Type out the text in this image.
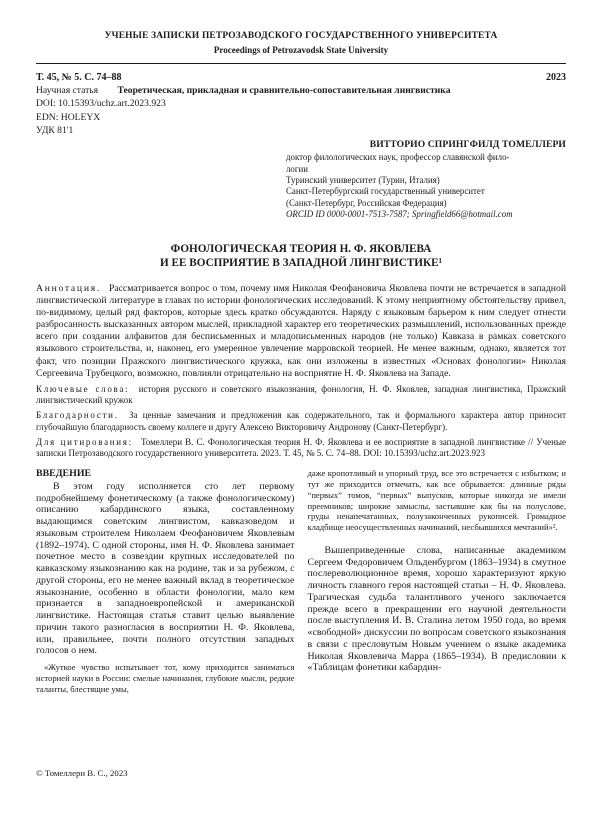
УЧЕНЫЕ ЗАПИСКИ ПЕТРОЗАВОДСКОГО ГОСУДАРСТВЕННОГО УНИВЕРСИТЕТА
Proceedings of Petrozavodsk State University
Т. 45, № 5. С. 74–88	2023
Научная статья Теоретическая, прикладная и сравнительно-сопоставительная лингвистика
DOI: 10.15393/uchz.art.2023.923
EDN: HOLEYX
УДК 81'1
ВИТТОРИО СПРИНГФИЛД ТОМЕЛЛЕРИ
доктор филологических наук, профессор славянской фило-
логии
Туринский университет (Турин, Италия)
Санкт-Петербургский государственный университет
(Санкт-Петербург, Российская Федерация)
ORCID ID 0000-0001-7513-7587; Springfield66@hotmail.com
ФОНОЛОГИЧЕСКАЯ ТЕОРИЯ Н. Ф. ЯКОВЛЕВА
И ЕЕ ВОСПРИЯТИЕ В ЗАПАДНОЙ ЛИНГВИСТИКЕ¹

Аннотация. Рассматривается вопрос о том, почему имя Николая Феофановича Яковлева почти не встречается в западной лингвистической литературе в главах по истории фонологических исследований. К этому неприятному обстоятельству привел, по-видимому, целый ряд факторов, которые здесь кратко обсуждаются. Наряду с языковым барьером к ним следует отнести разбросанность высказанных автором мыслей, прикладной характер его теоретических размышлений, использованных прежде всего при создании алфавитов для бесписьменных и младописьменных народов (не только) Кавказа в рамках советского языкового строительства, и, наконец, его умеренное увлечение марровской теорией. Не менее важным, однако, является тот факт, что позиции Пражского лингвистического кружка, как они изложены в известных «Основах фонологии» Николая Сергеевича Трубецкого, возможно, повлияли отрицательно на восприятие Н. Ф. Яковлева на Западе.

Ключевые слова: история русского и советского языкознания, фонология, Н. Ф. Яковлев, западная лингвистика, Пражский лингвистический кружок

Благодарности. За ценные замечания и предложения как содержательного, так и формального характера автор приносит глубочайшую благодарность своему коллеге и другу Алексею Викторовичу Андронову (Санкт-Петербург).

Для цитирования: Томеллери В. С. Фонологическая теория Н. Ф. Яковлева и ее восприятие в западной лингвистике // Ученые записки Петрозаводского государственного университета. 2023. Т. 45, № 5. С. 74–88. DOI: 10.15393/uchz.art.2023.923

ВВЕДЕНИЕ

В этом году исполняется сто лет первому подробнейшему фонетическому (а также фонологическому) описанию кабардинского языка, составленному выдающимся советским лингвистом, кавказоведом и языковым строителем Николаем Феофановичем Яковлевым (1892–1974). С одной стороны, имя Н. Ф. Яковлева занимает почетное место в созвездии крупных исследователей по кавказскому языкознанию как на родине, так и за рубежом, с другой стороны, его не менее важный вклад в теоретическое языкознание, особенно в области фонологии, мало кем признается в западноевропейской и американской лингвистике. Настоящая статья ставит целью выявление причин такого разногласия в восприятии Н. Ф. Яковлева, или, правильнее, почти полного отсутствия западных голосов о нем.

«Жуткое чувство испытывает тот, кому приходится заниматься историей науки в России: смелые начинания, глубокие мысли, редкие таланты, блестящие умы,

даже кропотливый и упорный труд, все это встречается с избытком; и тут же приходится отмечать, как все обрывается: длинные ряды “первых” томов, “первых” выпусков, которые никогда не имели преемников; широкие замыслы, застывшие как бы на полуслове, груды ненапечатанных, полузаконченных рукописей. Громадное кладбище неосуществленных начинаний, несбывшихся мечтаний»².

Вышеприведенные слова, написанные академиком Сергеем Федоровичем Ольденбургом (1863–1934) в смутное послереволюционное время, хорошо характеризуют яркую личность главного героя настоящей статьи – Н. Ф. Яковлева. Трагическая судьба талантливого ученого заключается прежде всего в прекращении его научной деятельности после выступления И. В. Сталина летом 1950 года, во время «свободной» дискуссии по вопросам советского языкознания в связи с пресловутым Новым учением о языке академика Николая Яковлевича Марра (1865–1934). В предисловии к «Таблицам фонетики кабардин-

© Томеллери В. С., 2023
